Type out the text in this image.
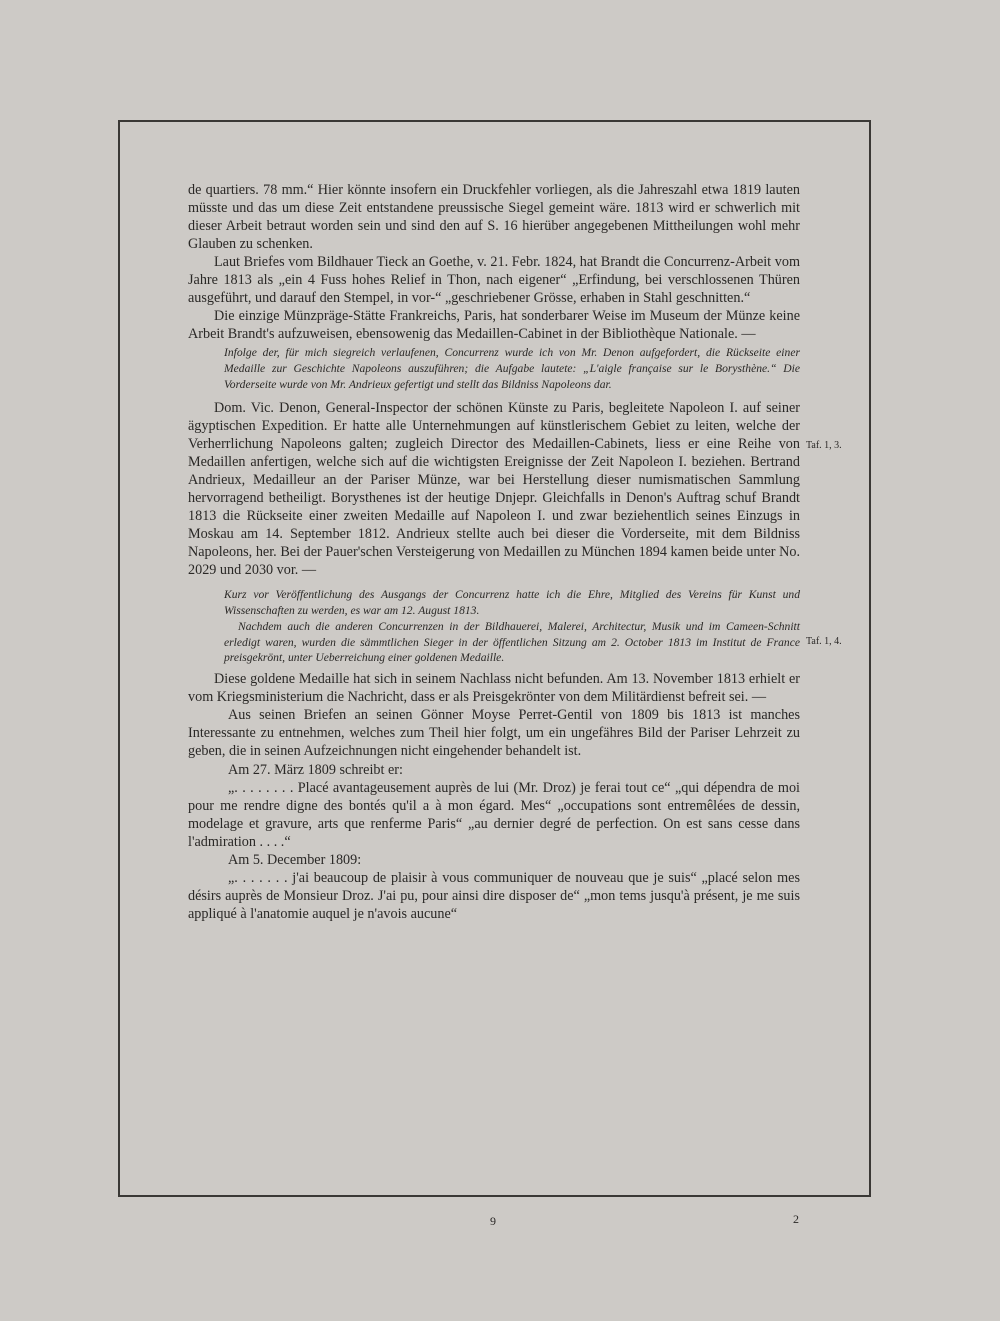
de quartiers. 78 mm.“ Hier könnte insofern ein Druckfehler vorliegen, als die Jahreszahl etwa 1819 lauten müsste und das um diese Zeit entstandene preussische Siegel gemeint wäre. 1813 wird er schwerlich mit dieser Arbeit betraut worden sein und sind den auf S. 16 hierüber angegebenen Mittheilungen wohl mehr Glauben zu schenken.

Laut Briefes vom Bildhauer Tieck an Goethe, v. 21. Febr. 1824, hat Brandt die Concurrenz-Arbeit vom Jahre 1813 als „ein 4 Fuss hohes Relief in Thon, nach eigener“ „Erfindung, bei verschlossenen Thüren ausgeführt, und darauf den Stempel, in vor-“ „geschriebener Grösse, erhaben in Stahl geschnitten.“

Die einzige Münzpräge-Stätte Frankreichs, Paris, hat sonderbarer Weise im Museum der Münze keine Arbeit Brandt's aufzuweisen, ebensowenig das Medaillen-Cabinet in der Bibliothèque Nationale. —

Infolge der, für mich siegreich verlaufenen, Concurrenz wurde ich von Mr. Denon aufgefordert, die Rückseite einer Medaille zur Geschichte Napoleons auszuführen; die Aufgabe lautete: „L'aigle française sur le Borysthène.“ Die Vorderseite wurde von Mr. Andrieux gefertigt und stellt das Bildniss Napoleons dar.

Dom. Vic. Denon, General-Inspector der schönen Künste zu Paris, begleitete Napoleon I. auf seiner ägyptischen Expedition. Er hatte alle Unternehmungen auf künstlerischem Gebiet zu leiten, welche der Verherrlichung Napoleons galten; zugleich Director des Medaillen-Cabinets, liess er eine Reihe von Medaillen anfertigen, welche sich auf die wichtigsten Ereignisse der Zeit Napoleon I. beziehen. Bertrand Andrieux, Medailleur an der Pariser Münze, war bei Herstellung dieser numismatischen Sammlung hervorragend betheiligt. Borysthenes ist der heutige Dnjepr. Gleichfalls in Denon's Auftrag schuf Brandt 1813 die Rückseite einer zweiten Medaille auf Napoleon I. und zwar beziehentlich seines Einzugs in Moskau am 14. September 1812. Andrieux stellte auch bei dieser die Vorderseite, mit dem Bildniss Napoleons, her. Bei der Pauer'schen Versteigerung von Medaillen zu München 1894 kamen beide unter No. 2029 und 2030 vor. —

Kurz vor Veröffentlichung des Ausgangs der Concurrenz hatte ich die Ehre, Mitglied des Vereins für Kunst und Wissenschaften zu werden, es war am 12. August 1813.
Nachdem auch die anderen Concurrenzen in der Bildhauerei, Malerei, Architectur, Musik und im Cameen-Schnitt erledigt waren, wurden die sämmtlichen Sieger in der öffentlichen Sitzung am 2. October 1813 im Institut de France preisgekrönt, unter Ueberreichung einer goldenen Medaille.

Diese goldene Medaille hat sich in seinem Nachlass nicht befunden. Am 13. November 1813 erhielt er vom Kriegsministerium die Nachricht, dass er als Preisgekrönter von dem Militärdienst befreit sei. —

Aus seinen Briefen an seinen Gönner Moyse Perret-Gentil von 1809 bis 1813 ist manches Interessante zu entnehmen, welches zum Theil hier folgt, um ein ungefähres Bild der Pariser Lehrzeit zu geben, die in seinen Aufzeichnungen nicht eingehender behandelt ist.

Am 27. März 1809 schreibt er:

„. . . . . . . . Placé avantageusement auprès de lui (Mr. Droz) je ferai tout ce“ „qui dépendra de moi pour me rendre digne des bontés qu'il a à mon égard. Mes“ „occupations sont entremêlées de dessin, modelage et gravure, arts que renferme Paris“ „au dernier degré de perfection. On est sans cesse dans l'admiration . . . .“

Am 5. December 1809:

„. . . . . . . j'ai beaucoup de plaisir à vous communiquer de nouveau que je suis“ „placé selon mes désirs auprès de Monsieur Droz. J'ai pu, pour ainsi dire disposer de“ „mon tems jusqu'à présent, je me suis appliqué à l'anatomie auquel je n'avois aucune“

Taf. 1, 3.
Taf. 1, 4.
9	2
